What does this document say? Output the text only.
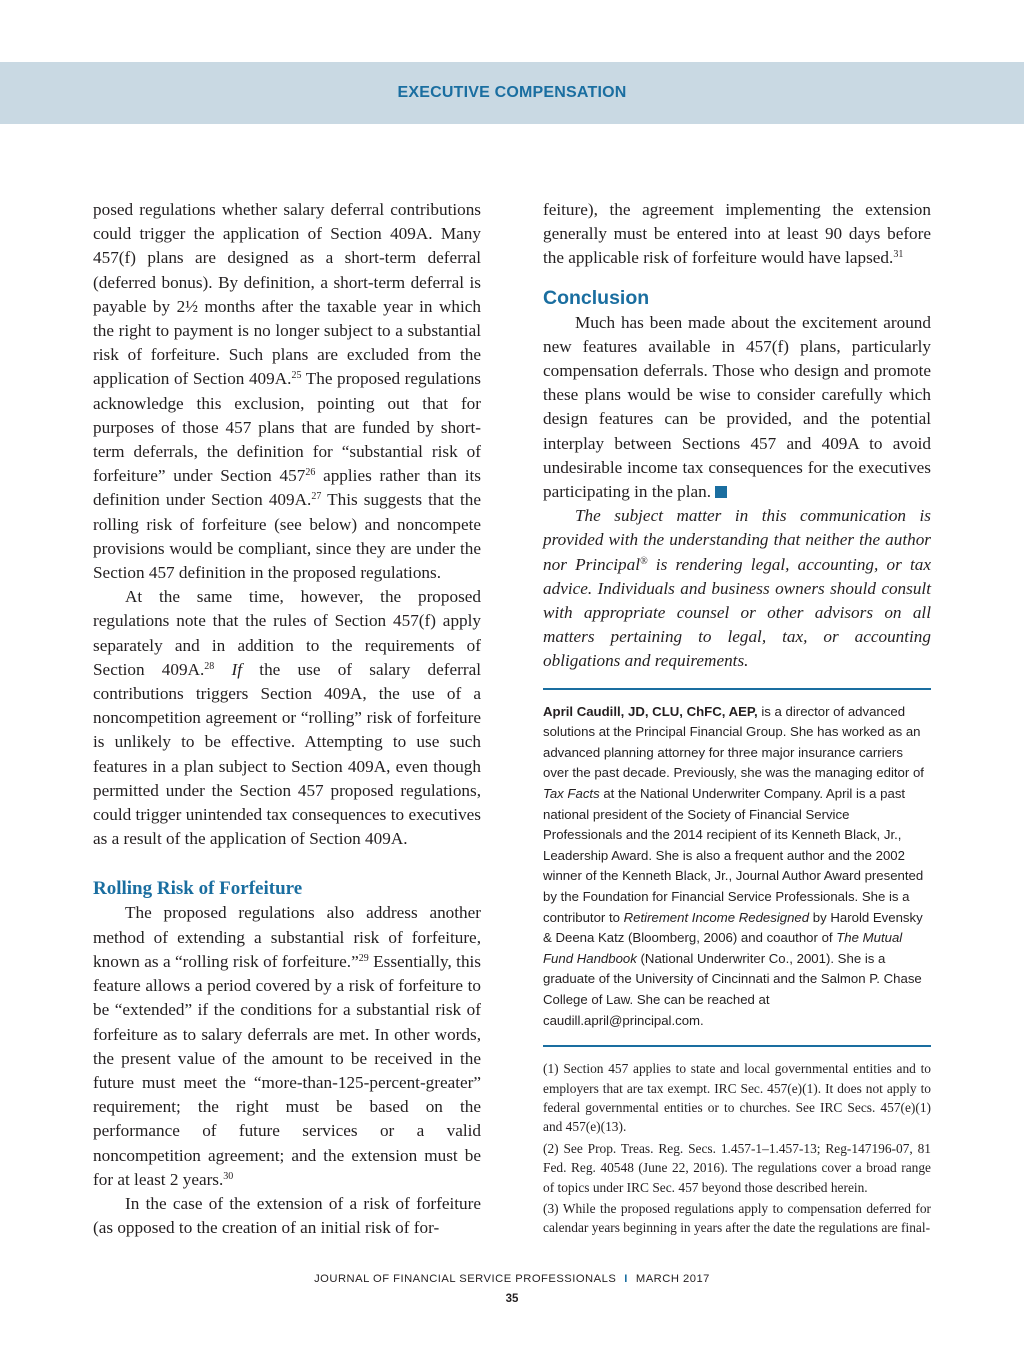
EXECUTIVE COMPENSATION

posed regulations whether salary deferral contributions could trigger the application of Section 409A. Many 457(f) plans are designed as a short-term deferral (deferred bonus). By definition, a short-term deferral is payable by 2½ months after the taxable year in which the right to payment is no longer subject to a substantial risk of forfeiture. Such plans are excluded from the application of Section 409A.$^{25}$ The proposed regulations acknowledge this exclusion, pointing out that for purposes of those 457 plans that are funded by short-term deferrals, the definition for “substantial risk of forfeiture” under Section $457^{26}$ applies rather than its definition under Section 409A.$^{27}$ This suggests that the rolling risk of forfeiture (see below) and noncompete provisions would be compliant, since they are under the Section 457 definition in the proposed regulations.

At the same time, however, the proposed regulations note that the rules of Section 457(f) apply separately and in addition to the requirements of Section 409A.$^{28}$ If the use of salary deferral contributions triggers Section 409A, the use of a noncompetition agreement or “rolling” risk of forfeiture is unlikely to be effective. Attempting to use such features in a plan subject to Section 409A, even though permitted under the Section 457 proposed regulations, could trigger unintended tax consequences to executives as a result of the application of Section 409A.

Rolling Risk of Forfeiture

The proposed regulations also address another method of extending a substantial risk of forfeiture, known as a “rolling risk of forfeiture.”$^{29}$ Essentially, this feature allows a period covered by a risk of forfeiture to be “extended” if the conditions for a substantial risk of forfeiture as to salary deferrals are met. In other words, the present value of the amount to be received in the future must meet the “more-than-125-percent-greater” requirement; the right must be based on the performance of future services or a valid noncompetition agreement; and the extension must be for at least 2 years.$^{30}$

In the case of the extension of a risk of forfeiture (as opposed to the creation of an initial risk of for-

feiture), the agreement implementing the extension generally must be entered into at least 90 days before the applicable risk of forfeiture would have lapsed.$^{31}$

Conclusion

Much has been made about the excitement around new features available in 457(f) plans, particularly compensation deferrals. Those who design and promote these plans would be wise to consider carefully which design features can be provided, and the potential interplay between Sections 457 and 409A to avoid undesirable income tax consequences for the executives participating in the plan.

The subject matter in this communication is provided with the understanding that neither the author nor Principal® is rendering legal, accounting, or tax advice. Individuals and business owners should consult with appropriate counsel or other advisors on all matters pertaining to legal, tax, or accounting obligations and requirements.

April Caudill, JD, CLU, ChFC, AEP, is a director of advanced solutions at the Principal Financial Group. She has worked as an advanced planning attorney for three major insurance carriers over the past decade. Previously, she was the managing editor of Tax Facts at the National Underwriter Company. April is a past national president of the Society of Financial Service Professionals and the 2014 recipient of its Kenneth Black, Jr., Leadership Award. She is also a frequent author and the 2002 winner of the Kenneth Black, Jr., Journal Author Award presented by the Foundation for Financial Service Professionals. She is a contributor to Retirement Income Redesigned by Harold Evensky & Deena Katz (Bloomberg, 2006) and coauthor of The Mutual Fund Handbook (National Underwriter Co., 2001). She is a graduate of the University of Cincinnati and the Salmon P. Chase College of Law. She can be reached at caudill.april@principal.com.

(1) Section 457 applies to state and local governmental entities and to employers that are tax exempt. IRC Sec. 457(e)(1). It does not apply to federal governmental entities or to churches. See IRC Secs. 457(e)(1) and 457(e)(13).

(2) See Prop. Treas. Reg. Secs. 1.457-1–1.457-13; Reg-147196-07, 81 Fed. Reg. 40548 (June 22, 2016). The regulations cover a broad range of topics under IRC Sec. 457 beyond those described herein.

(3) While the proposed regulations apply to compensation deferred for calendar years beginning in years after the date the regulations are final-

JOURNAL OF FINANCIAL SERVICE PROFESSIONALS I MARCH 2017
35
